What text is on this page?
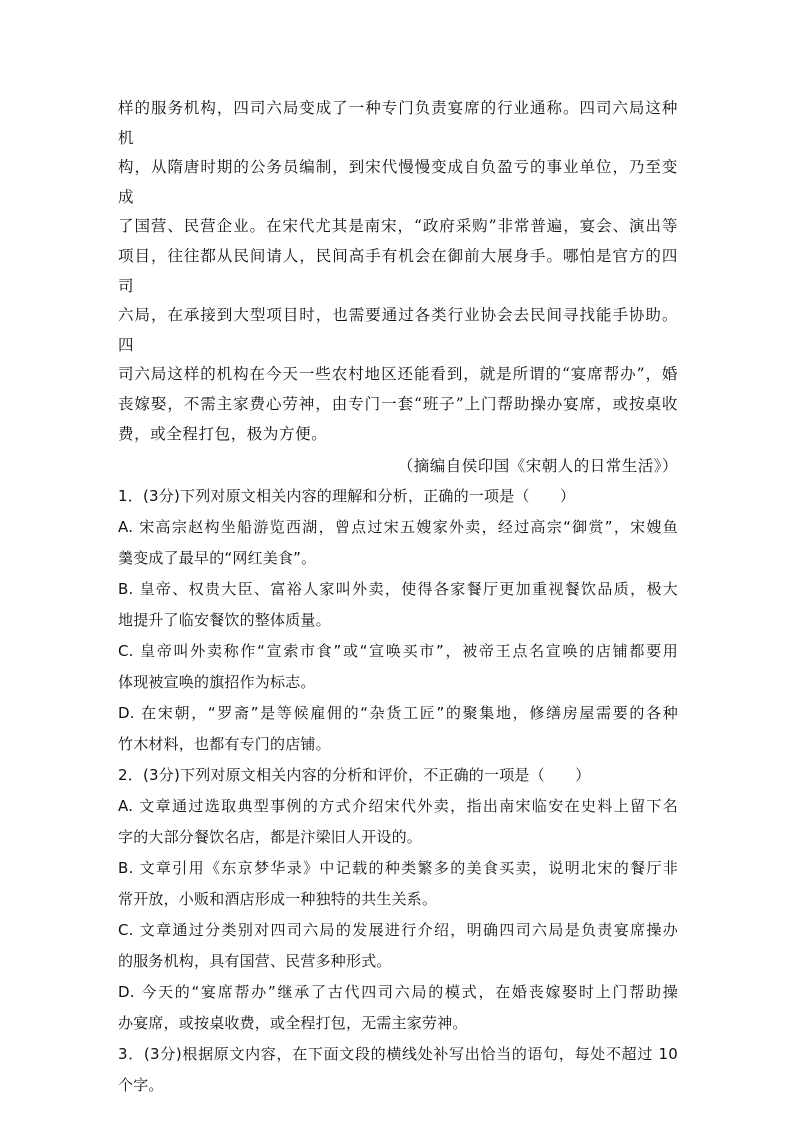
样的服务机构，四司六局变成了一种专门负责宴席的行业通称。四司六局这种机

构，从隋唐时期的公务员编制，到宋代慢慢变成自负盈亏的事业单位，乃至变成

了国营、民营企业。在宋代尤其是南宋，“政府采购”非常普遍，宴会、演出等

项目，往往都从民间请人，民间高手有机会在御前大展身手。哪怕是官方的四司

六局，在承接到大型项目时，也需要通过各类行业协会去民间寻找能手协助。四

司六局这样的机构在今天一些农村地区还能看到，就是所谓的“宴席帮办”，婚

丧嫁娶，不需主家费心劳神，由专门一套“班子”上门帮助操办宴席，或按桌收

费，或全程打包，极为方便。

（摘编自侯印国《宋朝人的日常生活》）

1．(3分)下列对原文相关内容的理解和分析，正确的一项是（　　）

A. 宋高宗赵构坐船游览西湖，曾点过宋五嫂家外卖，经过高宗“御赏”，宋嫂鱼
羹变成了最早的“网红美食”。

B. 皇帝、权贵大臣、富裕人家叫外卖，使得各家餐厅更加重视餐饮品质，极大
地提升了临安餐饮的整体质量。

C. 皇帝叫外卖称作“宣索市食”或“宣唤买市”，被帝王点名宣唤的店铺都要用
体现被宣唤的旗招作为标志。

D. 在宋朝，“罗斋”是等候雇佣的“杂货工匠”的聚集地，修缮房屋需要的各种
竹木材料，也都有专门的店铺。

2．(3分)下列对原文相关内容的分析和评价，不正确的一项是（　　）

A. 文章通过选取典型事例的方式介绍宋代外卖，指出南宋临安在史料上留下名
字的大部分餐饮名店，都是汴梁旧人开设的。

B. 文章引用《东京梦华录》中记载的种类繁多的美食买卖，说明北宋的餐厅非
常开放，小贩和酒店形成一种独特的共生关系。

C. 文章通过分类别对四司六局的发展进行介绍，明确四司六局是负责宴席操办
的服务机构，具有国营、民营多种形式。

D. 今天的“宴席帮办”继承了古代四司六局的模式，在婚丧嫁娶时上门帮助操
办宴席，或按桌收费，或全程打包，无需主家劳神。

3．(3分)根据原文内容，在下面文段的横线处补写出恰当的语句，每处不超过 10
个字。
